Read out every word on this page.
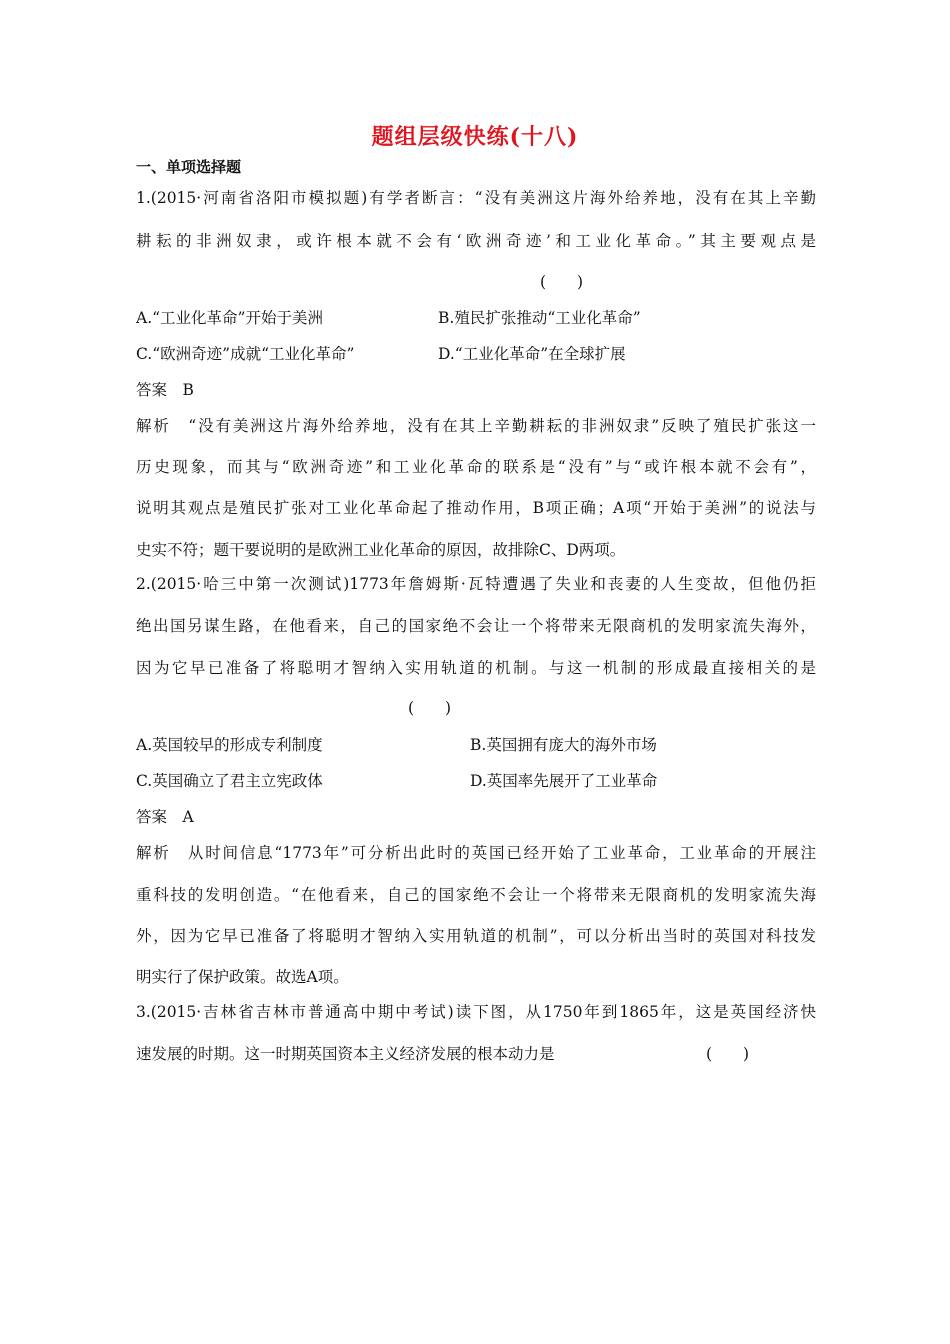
题组层级快练(十八)
一、单项选择题
1.(2015·河南省洛阳市模拟题)有学者断言：“没有美洲这片海外给养地，没有在其上辛勤
耕耘的非洲奴隶，或许根本就不会有‘欧洲奇迹’和工业化革命。”其主要观点是
(　　)
A.“工业化革命”开始于美洲	B.殖民扩张推动“工业化革命”
C.“欧洲奇迹”成就“工业化革命”	D.“工业化革命”在全球扩展
答案　B
解析　“没有美洲这片海外给养地，没有在其上辛勤耕耘的非洲奴隶”反映了殖民扩张这一
历史现象，而其与“欧洲奇迹”和工业化革命的联系是“没有”与“或许根本就不会有”，
说明其观点是殖民扩张对工业化革命起了推动作用，B项正确；A项“开始于美洲”的说法与
史实不符；题干要说明的是欧洲工业化革命的原因，故排除C、D两项。
2.(2015·哈三中第一次测试)1773年詹姆斯·瓦特遭遇了失业和丧妻的人生变故，但他仍拒
绝出国另谋生路，在他看来，自己的国家绝不会让一个将带来无限商机的发明家流失海外，
因为它早已准备了将聪明才智纳入实用轨道的机制。与这一机制的形成最直接相关的是
(　　)
A.英国较早的形成专利制度	B.英国拥有庞大的海外市场
C.英国确立了君主立宪政体	D.英国率先展开了工业革命
答案　A
解析　从时间信息“1773年”可分析出此时的英国已经开始了工业革命，工业革命的开展注
重科技的发明创造。“在他看来，自己的国家绝不会让一个将带来无限商机的发明家流失海
外，因为它早已准备了将聪明才智纳入实用轨道的机制”，可以分析出当时的英国对科技发
明实行了保护政策。故选A项。
3.(2015·吉林省吉林市普通高中期中考试)读下图，从1750年到1865年，这是英国经济快
速发展的时期。这一时期英国资本主义经济发展的根本动力是	(　　)
